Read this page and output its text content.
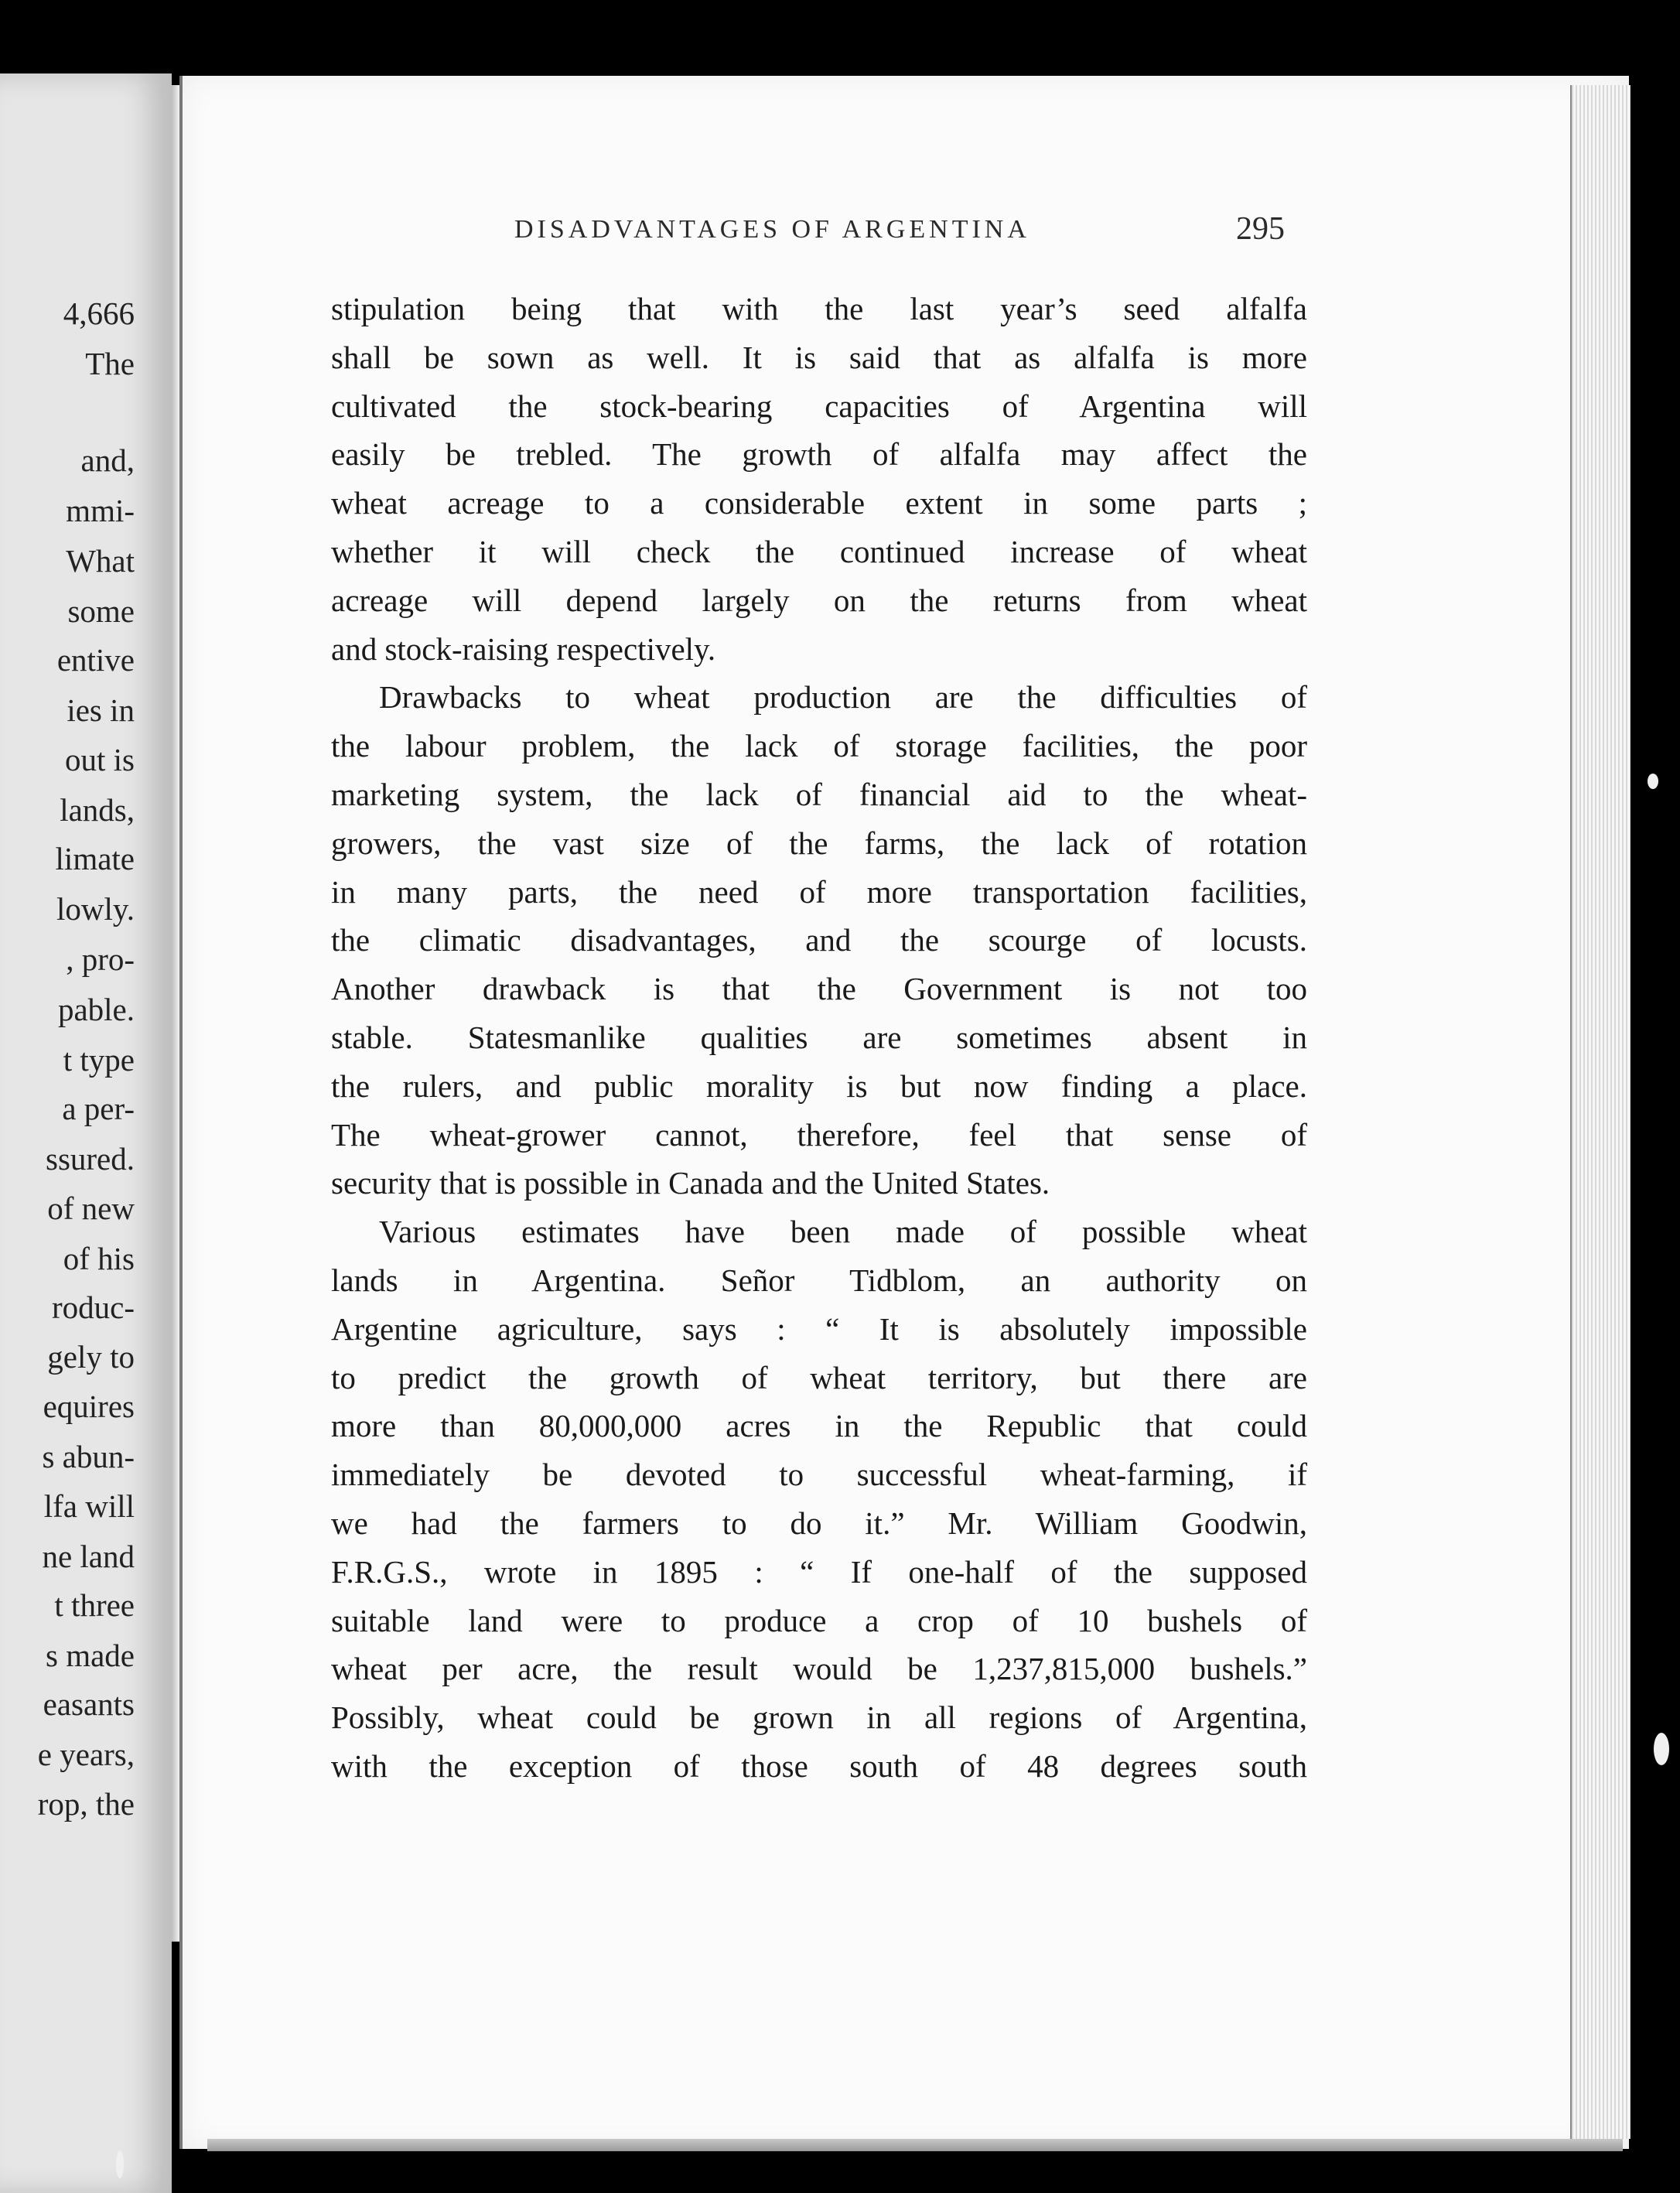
4,666
The
and,
mmi-
What
some
entive
ies in
out is
lands,
limate
lowly.
, pro-
pable.
t type
a per-
ssured.
of new
of his
roduc-
gely to
equires
s abun-
lfa will
ne land
t three
s made
easants
e years,
rop, the
DISADVANTAGES OF ARGENTINA	295
stipulation being that with the last year’s seed alfalfa
shall be sown as well. It is said that as alfalfa is more
cultivated the stock-bearing capacities of Argentina will
easily be trebled. The growth of alfalfa may affect the
wheat acreage to a considerable extent in some parts ;
whether it will check the continued increase of wheat
acreage will depend largely on the returns from wheat
and stock-raising respectively.
Drawbacks to wheat production are the difficulties of
the labour problem, the lack of storage facilities, the poor
marketing system, the lack of financial aid to the wheat-
growers, the vast size of the farms, the lack of rotation
in many parts, the need of more transportation facilities,
the climatic disadvantages, and the scourge of locusts.
Another drawback is that the Government is not too
stable. Statesmanlike qualities are sometimes absent in
the rulers, and public morality is but now finding a place.
The wheat-grower cannot, therefore, feel that sense of
security that is possible in Canada and the United States.
Various estimates have been made of possible wheat
lands in Argentina. Señor Tidblom, an authority on
Argentine agriculture, says : “ It is absolutely impossible
to predict the growth of wheat territory, but there are
more than 80,000,000 acres in the Republic that could
immediately be devoted to successful wheat-farming, if
we had the farmers to do it.” Mr. William Goodwin,
F.R.G.S., wrote in 1895 : “ If one-half of the supposed
suitable land were to produce a crop of 10 bushels of
wheat per acre, the result would be 1,237,815,000 bushels.”
Possibly, wheat could be grown in all regions of Argentina,
with the exception of those south of 48 degrees south
